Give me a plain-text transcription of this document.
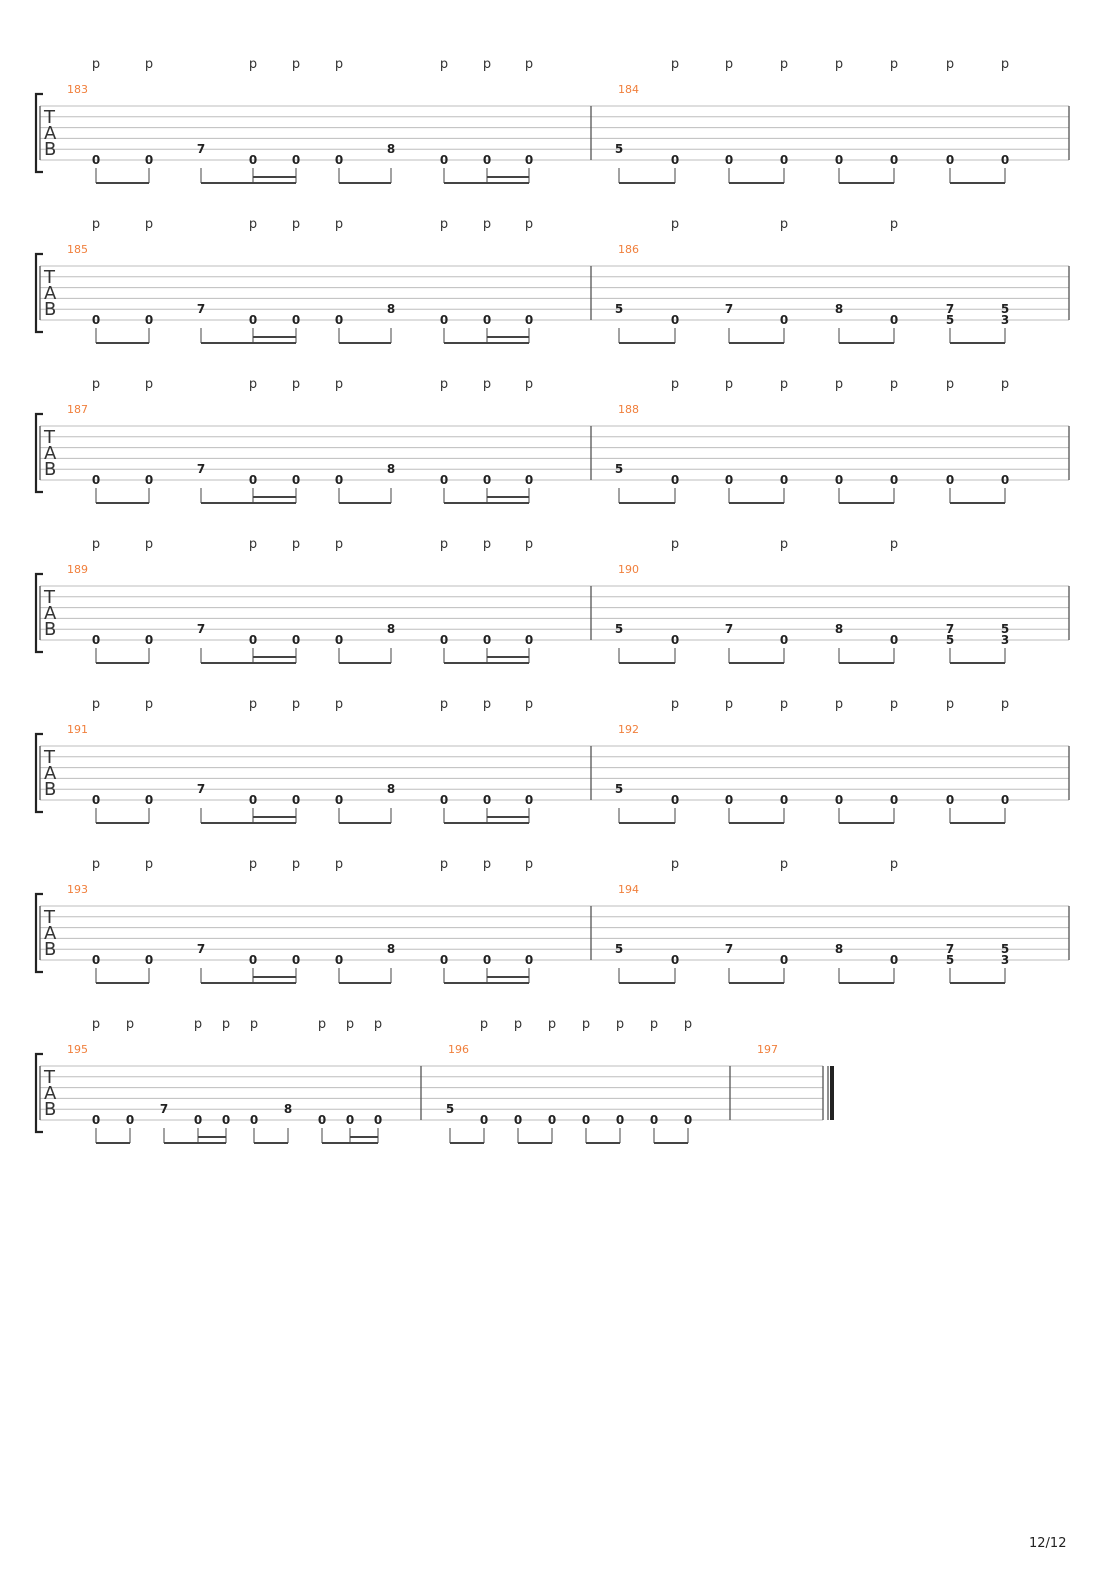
T
A
B
183
p
0
p
0
7
p
0
p
0
p
0
8
p
0
p
0
p
0
184
5
p
0
p
0
p
0
p
0
p
0
p
0
p
0
T
A
B
185
p
0
p
0
7
p
0
p
0
p
0
8
p
0
p
0
p
0
186
5
p
0
7
p
0
8
p
0
7
5
5
3
T
A
B
187
p
0
p
0
7
p
0
p
0
p
0
8
p
0
p
0
p
0
188
5
p
0
p
0
p
0
p
0
p
0
p
0
p
0
T
A
B
189
p
0
p
0
7
p
0
p
0
p
0
8
p
0
p
0
p
0
190
5
p
0
7
p
0
8
p
0
7
5
5
3
T
A
B
191
p
0
p
0
7
p
0
p
0
p
0
8
p
0
p
0
p
0
192
5
p
0
p
0
p
0
p
0
p
0
p
0
p
0
T
A
B
193
p
0
p
0
7
p
0
p
0
p
0
8
p
0
p
0
p
0
194
5
p
0
7
p
0
8
p
0
7
5
5
3
T
A
B
195
p
0
p
0
7
p
0
p
0
p
0
8
p
0
p
0
p
0
196
5
p
0
p
0
p
0
p
0
p
0
p
0
p
0
197
12/12
